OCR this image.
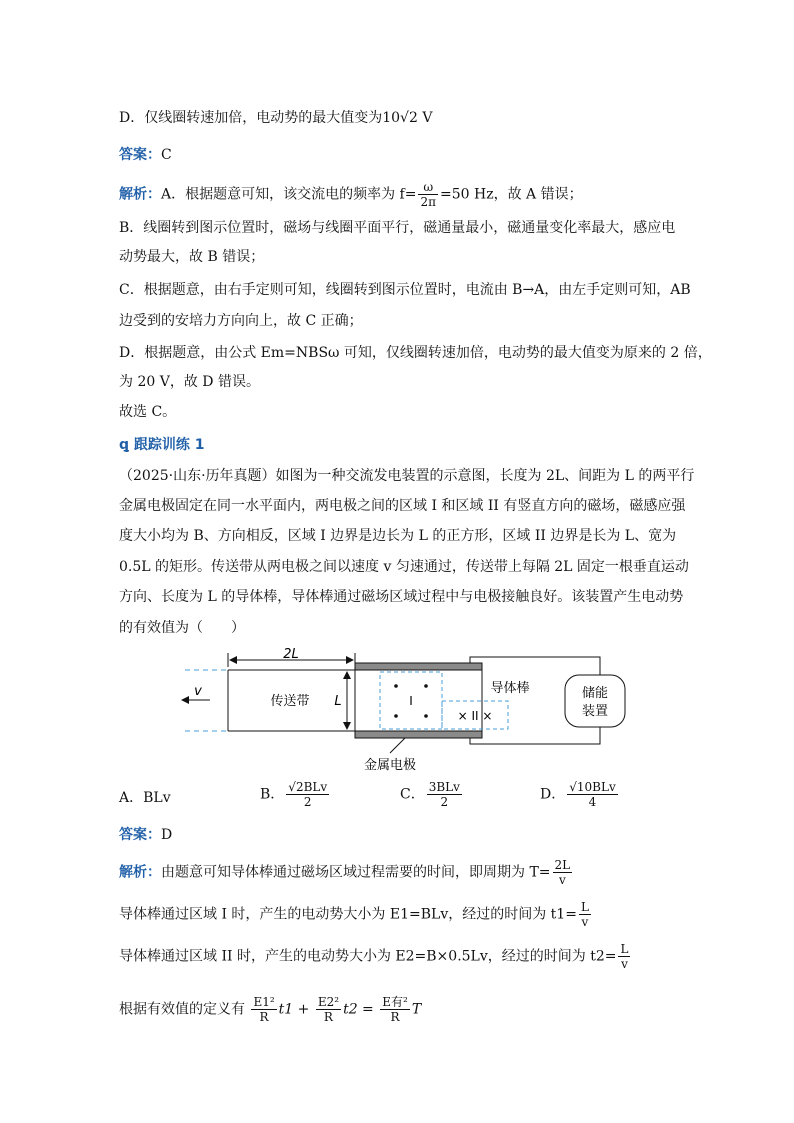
D．仅线圈转速加倍，电动势的最大值变为10√2 V
答案：C
解析：A．根据题意可知，该交流电的频率为 $f= \frac{\omega}{2\pi} =50$ Hz，故 A 错误；
B．线圈转到图示位置时，磁场与线圈平面平行，磁通量最小，磁通量变化率最大，感应电
动势最大，故 B 错误；
C．根据题意，由右手定则可知，线圈转到图示位置时，电流由 B→A，由左手定则可知，AB
边受到的安培力方向向上，故 C 正确；
D．根据题意，由公式 Em=NBSω 可知，仅线圈转速加倍，电动势的最大值变为原来的 2 倍，
为 20 V，故 D 错误。
故选 C。
ꝗ 跟踪训练 1
（2025·山东·历年真题）如图为一种交流发电装置的示意图，长度为 2L、间距为 L 的两平行
金属电极固定在同一水平面内，两电极之间的区域 I 和区域 II 有竖直方向的磁场，磁感应强
度大小均为 B、方向相反，区域 I 边界是边长为 L 的正方形，区域 II 边界是长为 L、宽为
0.5L 的矩形。传送带从两电极之间以速度 v 匀速通过，传送带上每隔 2L 固定一根垂直运动
方向、长度为 L 的导体棒，导体棒通过磁场区域过程中与电极接触良好。该装置产生电动势
的有效值为（　　）
2L
v
传送带 L	I
× II ×
导体棒	储能
装置
金属电极
A．BLv	B． $\frac{\text{√2BLv}}{2}$	C． $\frac{\text{3BLv}}{2}$	D． $\frac{\text{√10BLv}}{4}$
答案：D
解析：由题意可知导体棒通过磁场区域过程需要的时间，即周期为 $T= \frac{2L}{v}$
导体棒通过区域 I 时，产生的电动势大小为 E1=BLv，经过的时间为 $t1= \frac{L}{v}$
导体棒通过区域 II 时，产生的电动势大小为 E2=B×0.5Lv，经过的时间为 $t2= \frac{L}{v}$
根据有效值的定义有 $\frac{\text{E1²}}{R} t1 + \frac{\text{E2²}}{R} t2 = \frac{\text{E有²}}{R}$ T
